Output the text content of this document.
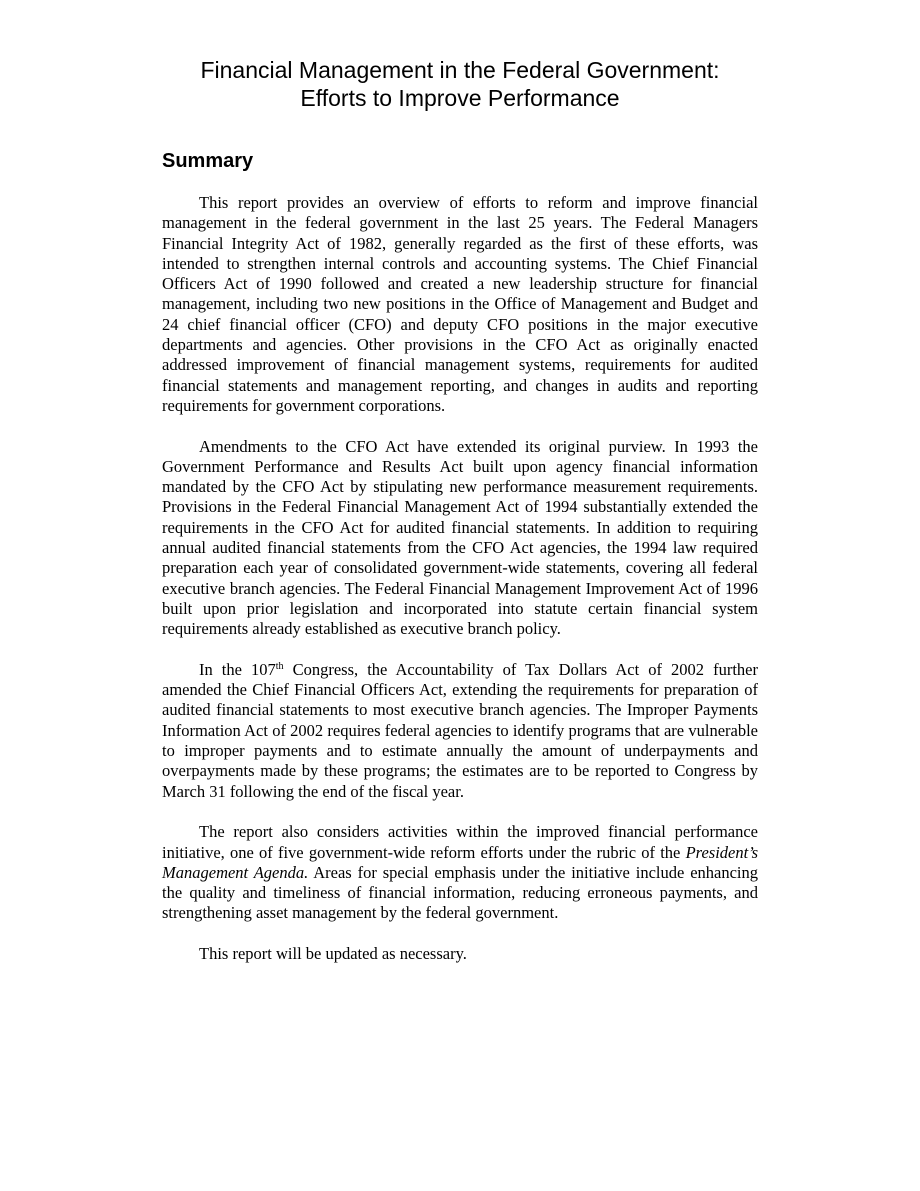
Financial Management in the Federal Government:
Efforts to Improve Performance
Summary

This report provides an overview of efforts to reform and improve financial management in the federal government in the last 25 years. The Federal Managers Financial Integrity Act of 1982, generally regarded as the first of these efforts, was intended to strengthen internal controls and accounting systems. The Chief Financial Officers Act of 1990 followed and created a new leadership structure for financial management, including two new positions in the Office of Management and Budget and 24 chief financial officer (CFO) and deputy CFO positions in the major executive departments and agencies. Other provisions in the CFO Act as originally enacted addressed improvement of financial management systems, requirements for audited financial statements and management reporting, and changes in audits and reporting requirements for government corporations.

Amendments to the CFO Act have extended its original purview. In 1993 the Government Performance and Results Act built upon agency financial information mandated by the CFO Act by stipulating new performance measurement requirements. Provisions in the Federal Financial Management Act of 1994 substantially extended the requirements in the CFO Act for audited financial statements. In addition to requiring annual audited financial statements from the CFO Act agencies, the 1994 law required preparation each year of consolidated government-wide statements, covering all federal executive branch agencies. The Federal Financial Management Improvement Act of 1996 built upon prior legislation and incorporated into statute certain financial system requirements already established as executive branch policy.

In the 107th Congress, the Accountability of Tax Dollars Act of 2002 further amended the Chief Financial Officers Act, extending the requirements for preparation of audited financial statements to most executive branch agencies. The Improper Payments Information Act of 2002 requires federal agencies to identify programs that are vulnerable to improper payments and to estimate annually the amount of underpayments and overpayments made by these programs; the estimates are to be reported to Congress by March 31 following the end of the fiscal year.

The report also considers activities within the improved financial performance initiative, one of five government-wide reform efforts under the rubric of the President’s Management Agenda. Areas for special emphasis under the initiative include enhancing the quality and timeliness of financial information, reducing erroneous payments, and strengthening asset management by the federal government.

This report will be updated as necessary.
